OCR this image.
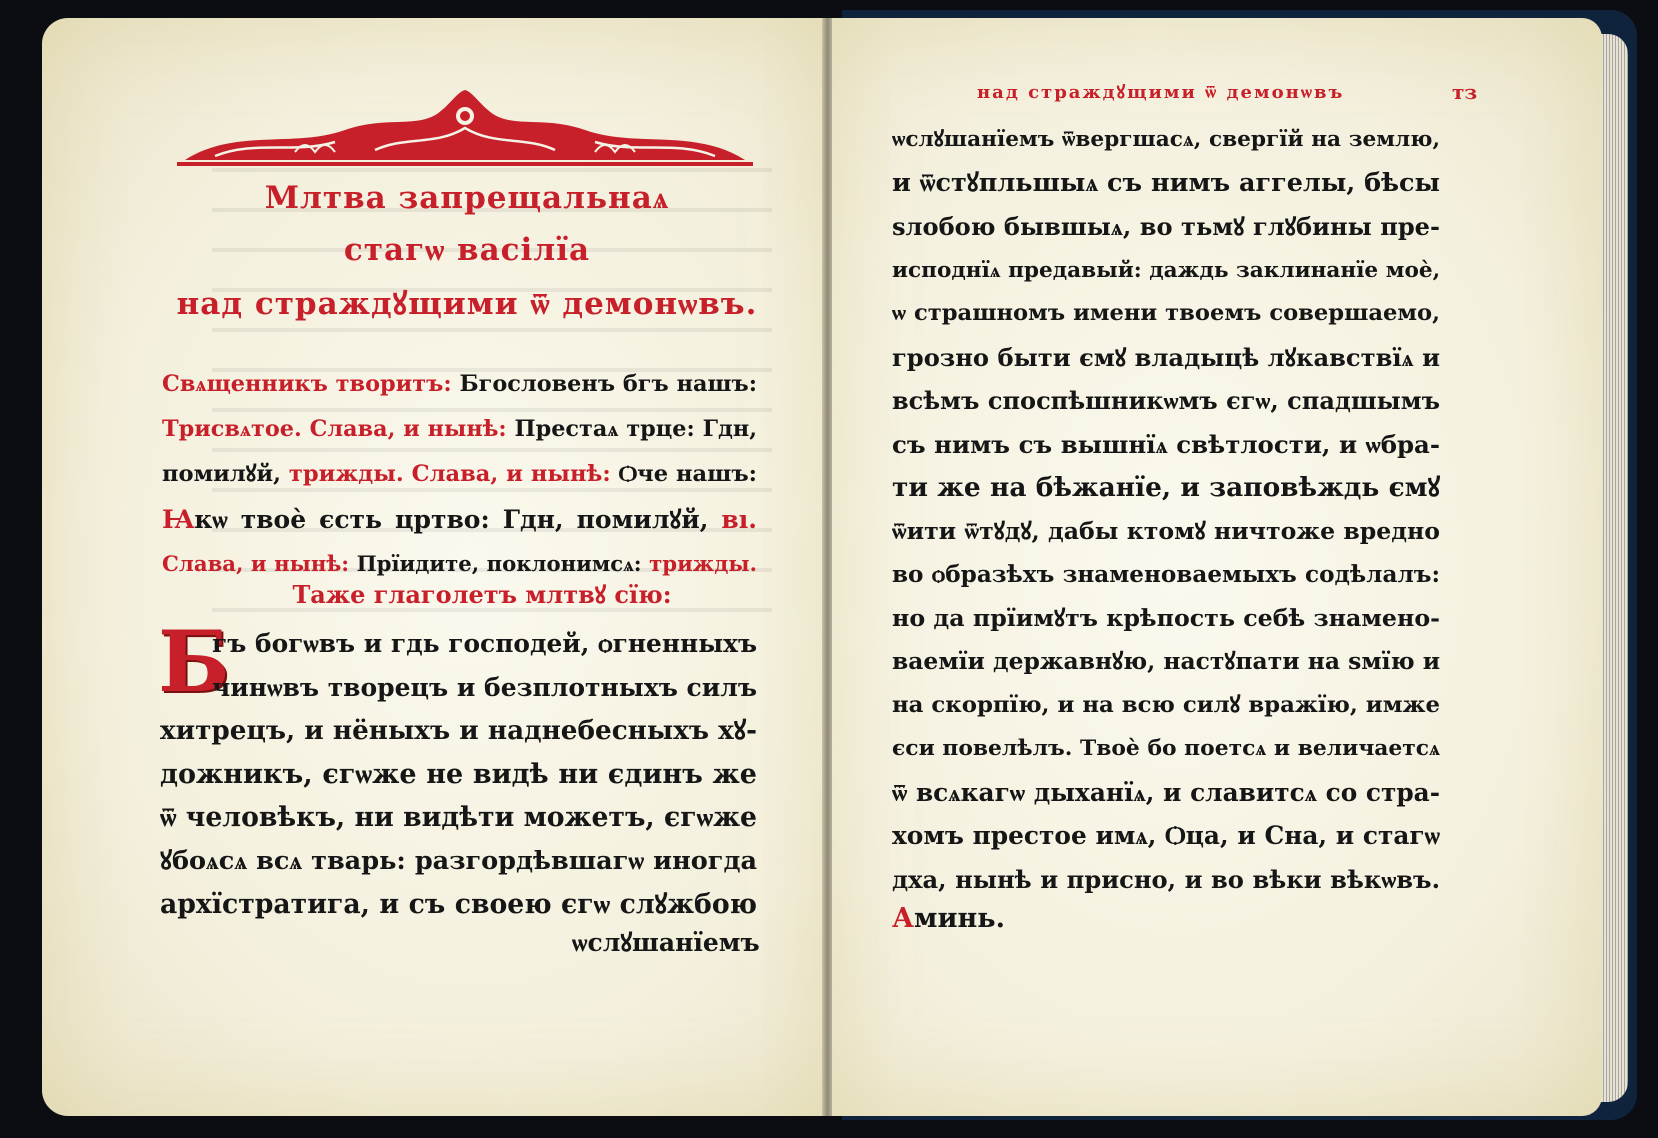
Млтва запрещальнаѧ
стагѡ васілїа
над страждꙋщими ѿ демонѡвъ.
Свѧщенникъ творитъ: Бгословенъ бгъ нашъ:
Трисвѧтое. Слава, и нынѣ: Престаѧ трце: Гдн,
помилꙋй, трижды. Слава, и нынѣ: Ѻче нашъ:
Ꙗкѡ твоѐ єсть цртво: Гдн, помилꙋй, вı.
Слава, и нынѣ: Прїидите, поклонимсѧ: трижды.
Таже глаголетъ млтвꙋ сїю:
Б
гъ богѡвъ и гдь господей, ѻгненныхъ
чинѡвъ творецъ и безплотныхъ силъ
хитрецъ, и нёныхъ и наднебесныхъ хꙋ-
дожникъ, єгѡже не видѣ ни єдинъ же
ѿ человѣкъ, ни видѣти можетъ, єгѡже
ꙋбоѧсѧ всѧ тварь: разгордѣвшагѡ иногда
архїстратига, и съ своею єгѡ слꙋжбою
ѡслꙋшанїемъ
над страждꙋщими ѿ демонѡвъ	тз
ѡслꙋшанїемъ ѿвергшасѧ, свергїй на землю,
и ѿстꙋпльшыѧ съ нимъ аггелы, бѣсы
ѕлобою бывшыѧ, во тьмꙋ глꙋбины пре-
исподнїѧ предавый: даждь заклинанїе моѐ,
ѡ страшномъ имени твоемъ совершаемо,
грозно быти ємꙋ владыцѣ лꙋкавствїѧ и
всѣмъ споспѣшникѡмъ єгѡ, спадшымъ
съ нимъ съ вышнїѧ свѣтлости, и ѡбра-
ти же на бѣжанїе, и заповѣждь ємꙋ
ѿити ѿтꙋдꙋ, дабы ктомꙋ ничтоже вредно
во ѻбразѣхъ знаменоваемыхъ содѣлалъ:
но да прїимꙋтъ крѣпость себѣ знамено-
ваемїи державнꙋю, настꙋпати на ѕмїю и
на скорпїю, и на всю силꙋ вражїю, имже
єси повелѣлъ. Твоѐ бо поетсѧ и величаетсѧ
ѿ всѧкагѡ дыханїѧ, и славитсѧ со стра-
хомъ престое имѧ, Ѻца, и Сна, и стагѡ
дха, нынѣ и присно, и во вѣки вѣкѡвъ.
Аминь.
